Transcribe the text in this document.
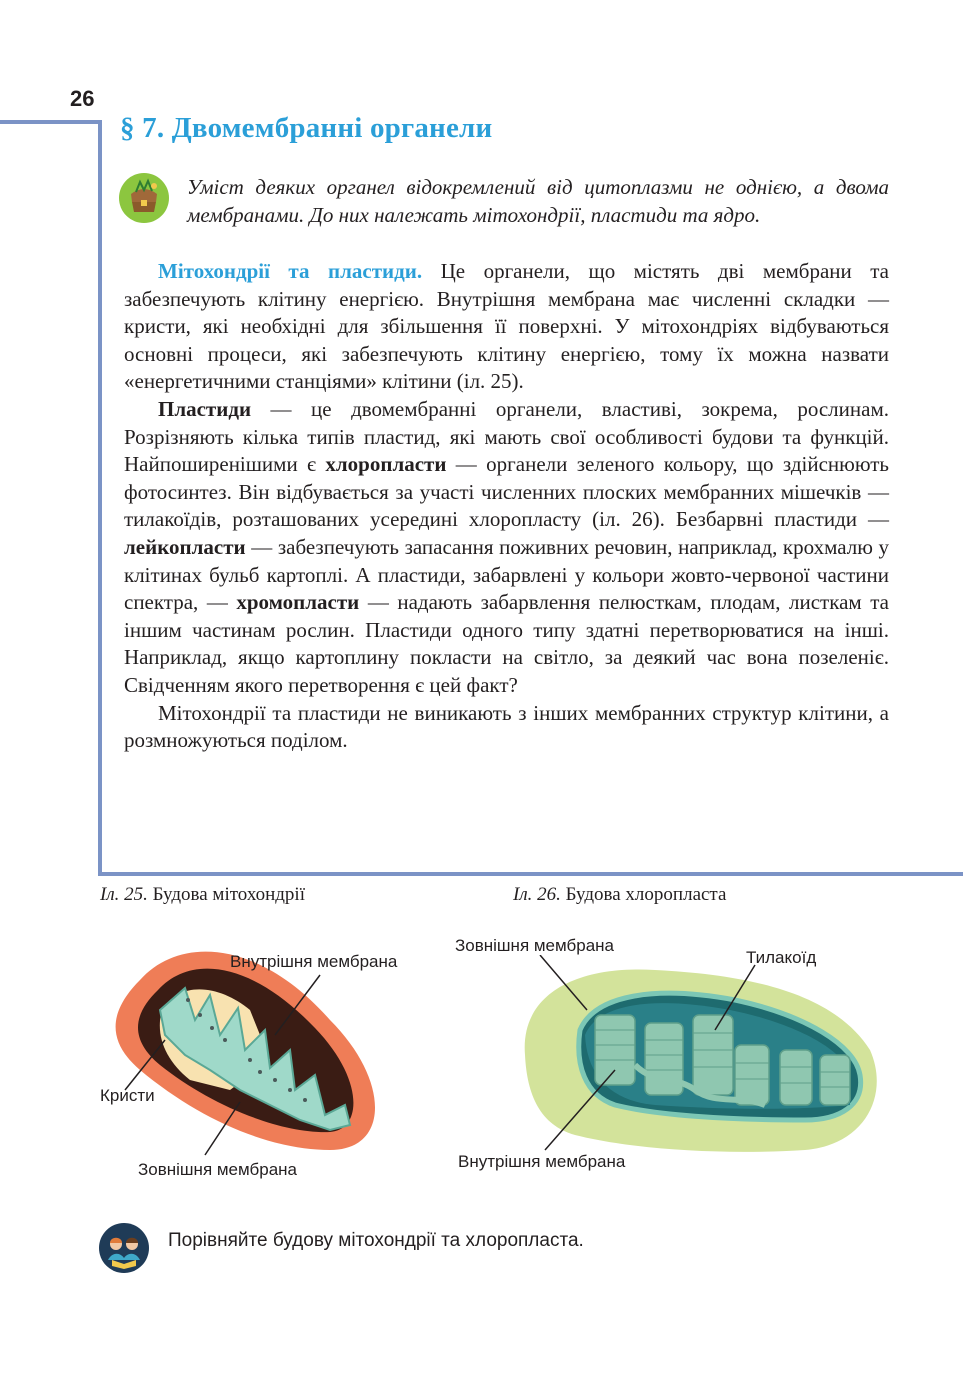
26
§ 7. Двомембранні органели

Уміст деяких органел відокремлений від цитоплазми не однією, а двома мембранами. До них належать мітохондрії, пластиди та ядро.

Мітохондрії та пластиди. Це органели, що містять дві мембрани та забезпечують клітину енергією. Внутрішня мембрана має численні складки — кристи, які необхідні для збільшення її поверхні. У мітохондріях відбуваються основні процеси, які забезпечують клітину енергією, тому їх можна назвати «енергетичними станціями» клітини (іл. 25).

Пластиди — це двомембранні органели, властиві, зокрема, рослинам. Розрізняють кілька типів пластид, які мають свої особливості будови та функцій. Найпоширенішими є хлоропласти — органели зеленого кольору, що здійснюють фотосинтез. Він відбувається за участі численних плоских мембранних мішечків — тилакоїдів, розташованих усередині хлоропласту (іл. 26). Безбарвні пластиди — лейкопласти — забезпечують запасання поживних речовин, наприклад, крохмалю у клітинах бульб картоплі. А пластиди, забарвлені у кольори жовто-червоної частини спектра, — хромопласти — надають забарвлення пелюсткам, плодам, листкам та іншим частинам рослин. Пластиди одного типу здатні перетворюватися на інші. Наприклад, якщо картоплину покласти на світло, за деякий час вона позеленіє. Свідченням якого перетворення є цей факт?

Мітохондрії та пластиди не виникають з інших мембранних структур клітини, а розмножуються поділом.

Іл. 25. Будова мітохондрії	Іл. 26. Будова хлоропласта
Внутрішня мембрана
Кристи
Зовнішня мембрана
Зовнішня мембрана
Тилакоїд
Внутрішня мембрана
Порівняйте будову мітохондрії та хлоропласта.
